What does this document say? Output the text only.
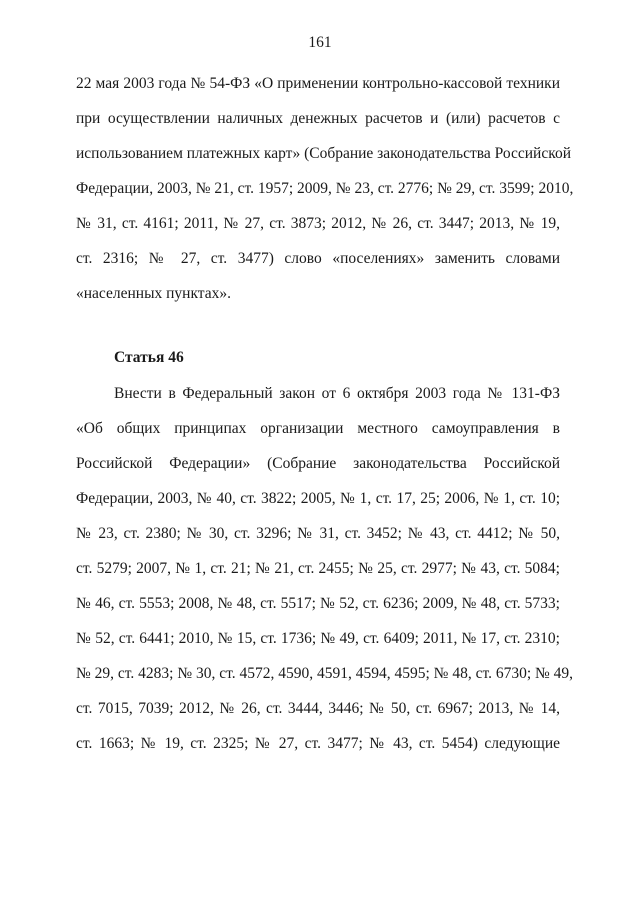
161
22 мая 2003 года № 54-ФЗ «О применении контрольно-кассовой техники
при осуществлении наличных денежных расчетов и (или) расчетов с
использованием платежных карт» (Собрание законодательства Российской
Федерации, 2003, № 21, ст. 1957; 2009, № 23, ст. 2776; № 29, ст. 3599; 2010,
№ 31, ст. 4161; 2011, № 27, ст. 3873; 2012, № 26, ст. 3447; 2013, № 19,
ст. 2316; № 27, ст. 3477) слово «поселениях» заменить словами
«населенных пунктах».
Статья 46
Внести в Федеральный закон от 6 октября 2003 года № 131-ФЗ
«Об общих принципах организации местного самоуправления в
Российской Федерации» (Собрание законодательства Российской
Федерации, 2003, № 40, ст. 3822; 2005, № 1, ст. 17, 25; 2006, № 1, ст. 10;
№ 23, ст. 2380; № 30, ст. 3296; № 31, ст. 3452; № 43, ст. 4412; № 50,
ст. 5279; 2007, № 1, ст. 21; № 21, ст. 2455; № 25, ст. 2977; № 43, ст. 5084;
№ 46, ст. 5553; 2008, № 48, ст. 5517; № 52, ст. 6236; 2009, № 48, ст. 5733;
№ 52, ст. 6441; 2010, № 15, ст. 1736; № 49, ст. 6409; 2011, № 17, ст. 2310;
№ 29, ст. 4283; № 30, ст. 4572, 4590, 4591, 4594, 4595; № 48, ст. 6730; № 49,
ст. 7015, 7039; 2012, № 26, ст. 3444, 3446; № 50, ст. 6967; 2013, № 14,
ст. 1663; № 19, ст. 2325; № 27, ст. 3477; № 43, ст. 5454) следующие
